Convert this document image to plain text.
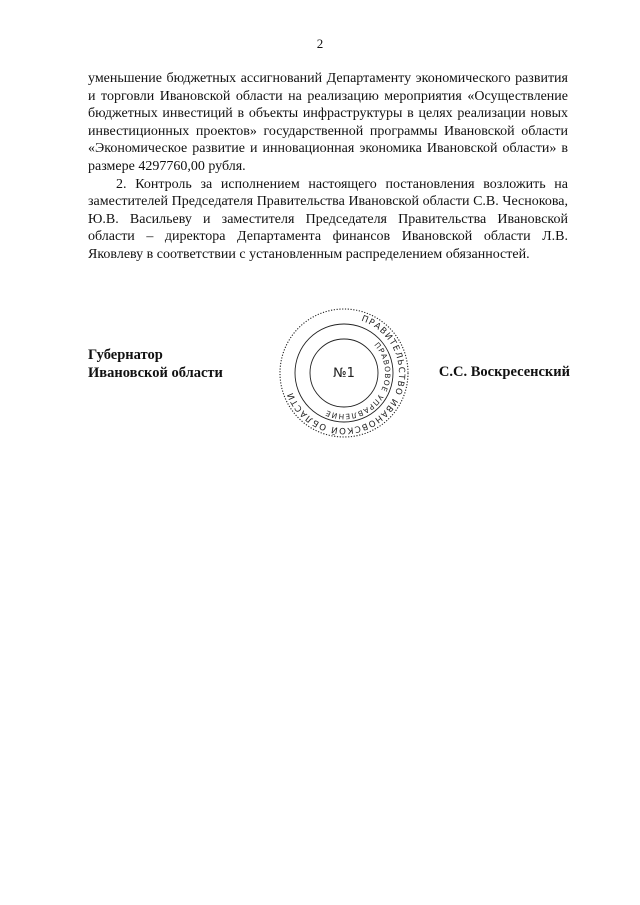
2

уменьшение бюджетных ассигнований Департаменту экономического развития и торговли Ивановской области на реализацию мероприятия «Осуществление бюджетных инвестиций в объекты инфраструктуры в целях реализации новых инвестиционных проектов» государственной программы Ивановской области «Экономическое развитие и инновационная экономика Ивановской области» в размере 4297760,00 рубля.

2. Контроль за исполнением настоящего постановления возложить на заместителей Председателя Правительства Ивановской области С.В. Чеснокова, Ю.В. Васильеву и заместителя Председателя Правительства Ивановской области – директора Департамента финансов Ивановской области Л.В. Яковлеву в соответствии с установленным распределением обязанностей.

Губернатор
Ивановской области	С.С. Воскресенский
ПРАВИТЕЛЬСТВО ИВАНОВСКОЙ ОБЛАСТИ
ПРАВОВОЕ УПРАВЛЕНИЕ
№1
